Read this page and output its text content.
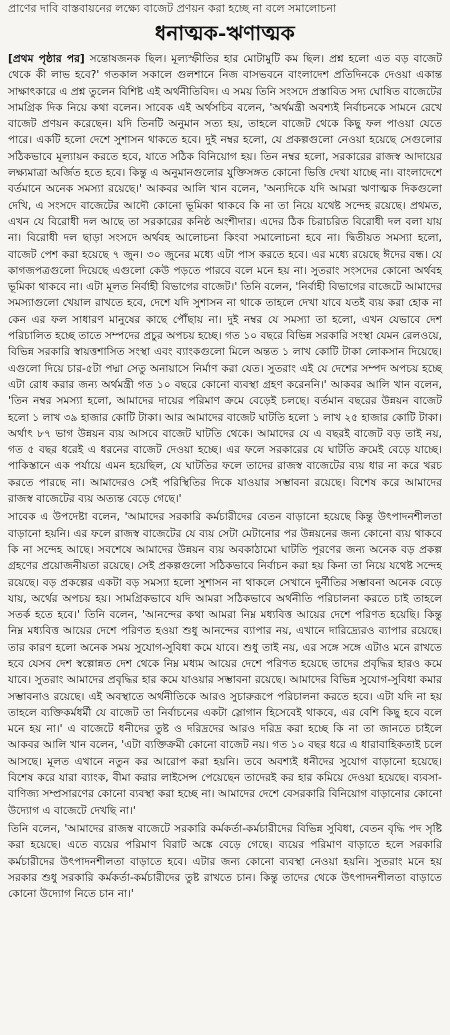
প্রাণের দাবি বাস্তবায়নের লক্ষ্যে বাজেট প্রণয়ন করা হচ্ছে না বলে সমালোচনা
ধনাত্মক-ঋণাত্মক

[প্রথম পৃষ্ঠার পর] সন্তোষজনক ছিল। মূল্যস্ফীতির হার মোটামুটি কম ছিল। প্রশ্ন হলো এত বড় বাজেট থেকে কী লাভ হবে?' গতকাল সকালে গুলশানে নিজ বাসভবনে বাংলাদেশ প্রতিদিনকে দেওয়া একান্ত সাক্ষাৎকারে এ প্রশ্ন তুলেন বিশিষ্ট এই অর্থনীতিবিদ। এ সময় তিনি সংসদে প্রস্তাবিত সদ্য ঘোষিত বাজেটের সামগ্রিক দিক নিয়ে কথা বলেন। সাবেক এই অর্থসচিব বলেন, 'অর্থমন্ত্রী অবশ্যই নির্বাচনকে সামনে রেখে বাজেট প্রণয়ন করেছেন। যদি তিনটি অনুমান সত্য হয়, তাহলে বাজেট থেকে কিছু ফল পাওয়া যেতে পারে। একটি হলো দেশে সুশাসন থাকতে হবে। দুই নম্বর হলো, যে প্রকল্পগুলো নেওয়া হয়েছে সেগুলোর সঠিকভাবে মূল্যায়ন করতে হবে, যাতে সঠিক বিনিয়োগ হয়। তিন নম্বর হলো, সরকারের রাজস্ব আদায়ের লক্ষ্যমাত্রা অর্জিত হতে হবে। কিন্তু এ অনুমানগুলোর যুক্তিসঙ্গত কোনো ভিত্তি দেখা যাচ্ছে না। বাংলাদেশে বর্তমানে অনেক সমস্যা রয়েছে।' আকবর আলি খান বলেন, 'অন্যদিকে যদি আমরা ঋণাত্মক দিকগুলো দেখি, এ সংসদে বাজেটের আদৌ কোনো ভূমিকা থাকবে কি না তা নিয়ে যথেষ্ট সন্দেহ রয়েছে। প্রথমত, এখন যে বিরোধী দল আছে তা সরকারের কনিষ্ঠ অংশীদার। এদের ঠিক চিরাচরিত বিরোধী দল বলা যায় না। বিরোধী দল ছাড়া সংসদে অর্থবহ আলোচনা কিংবা সমালোচনা হবে না। দ্বিতীয়ত সমস্যা হলো, বাজেট পেশ করা হয়েছে ৭ জুন। ৩০ জুনের মধ্যে এটা পাস করতে হবে। এর মধ্যে রয়েছে ঈদের বন্ধ। যে কাগজপত্রগুলো দিয়েছে এগুলো কেউ পড়তে পারবে বলে মনে হয় না। সুতরাং সংসদের কোনো অর্থবহ ভূমিকা থাকবে না। এটা মূলত নির্বাহী বিভাগের বাজেট।' তিনি বলেন, 'নির্বাহী বিভাগের বাজেটে আমাদের সমস্যাগুলো খেয়াল রাখতে হবে, দেশে যদি সুশাসন না থাকে তাহলে দেখা যাবে যতই ব্যয় করা হোক না কেন এর ফল সাধারণ মানুষের কাছে পৌঁছায় না। দুই নম্বর যে সমস্যা তা হলো, এখন যেভাবে দেশ পরিচালিত হচ্ছে তাতে সম্পদের প্রচুর অপচয় হচ্ছে। গত ১০ বছরে বিভিন্ন সরকারি সংস্থা যেমন রেলওয়ে, বিভিন্ন সরকারি স্বায়ত্তশাসিত সংস্থা এবং ব্যাংকগুলো মিলে অন্তত ১ লাখ কোটি টাকা লোকসান দিয়েছে। এগুলো দিয়ে চার-৫টা পদ্মা সেতু অনায়াসে নির্মাণ করা যেত। সুতরাং এই যে দেশের সম্পদ অপচয় হচ্ছে এটা রোধ করার জন্য অর্থমন্ত্রী গত ১০ বছরে কোনো ব্যবস্থা গ্রহণ করেননি।' আকবর আলি খান বলেন, 'তিন নম্বর সমস্যা হলো, আমাদের দায়ের পরিমাণ ক্রমে বেড়েই চলছে। বর্তমান বছরের উন্নয়ন বাজেট হলো ১ লাখ ৩৯ হাজার কোটি টাকা। আর আমাদের বাজেট ঘাটতি হলো ১ লাখ ২৫ হাজার কোটি টাকা। অর্থাৎ ৮৭ ভাগ উন্নয়ন ব্যয় আসবে বাজেট ঘাটতি থেকে। আমাদের যে এ বছরই বাজেট বড় তাই নয়, গত ৫ বছর ধরেই এ ধরনের বাজেট দেওয়া হচ্ছে। এর ফলে সরকারের যে ঘাটতি ক্রমেই বেড়ে যাচ্ছে। পাকিস্তানে এক পর্যায়ে এমন হয়েছিল, যে ঘাটতির ফলে তাদের রাজস্ব বাজেটের ব্যয় ধার না করে খরচ করতে পারছে না। আমাদেরও সেই পরিস্থিতির দিকে যাওয়ার সম্ভাবনা রয়েছে। বিশেষ করে আমাদের রাজস্ব বাজেটের ব্যয় অত্যন্ত বেড়ে গেছে।'

সাবেক এ উপদেষ্টা বলেন, 'আমাদের সরকারি কর্মচারীদের বেতন বাড়ানো হয়েছে কিন্তু উৎপাদনশীলতা বাড়ানো হয়নি। এর ফলে রাজস্ব বাজেটের যে ব্যয় সেটা মেটানোর পর উন্নয়নের জন্য কোনো ব্যয় থাকবে কি না সন্দেহ আছে। সবশেষে আমাদের উন্নয়ন ব্যয় অবকাঠামো ঘাটতি পূরণের জন্য অনেক বড় প্রকল্প গ্রহণের প্রয়োজনীয়তা রয়েছে। সেই প্রকল্পগুলো সঠিকভাবে নির্বাচন করা হয় কিনা তা নিয়ে যথেষ্ট সন্দেহ রয়েছে। বড় প্রকল্পের একটা বড় সমস্যা হলো সুশাসন না থাকলে সেখানে দুর্নীতির সম্ভাবনা অনেক বেড়ে যায়, অর্থের অপচয় হয়। সামগ্রিকভাবে যদি আমরা সঠিকভাবে অর্থনীতি পরিচালনা করতে চাই তাহলে সতর্ক হতে হবে।' তিনি বলেন, 'আনন্দের কথা আমরা নিম্ন মধ্যবিত্ত আয়ের দেশে পরিণত হয়েছি। কিন্তু নিম্ন মধ্যবিত্ত আয়ের দেশে পরিণত হওয়া শুধু আনন্দের ব্যাপার নয়, এখানে দারিদ্র্যেরও ব্যাপার রয়েছে। তার কারণ হলো অনেক সময় সুযোগ-সুবিধা কমে যাবে। শুধু তাই নয়, এর সঙ্গে সঙ্গে এটাও মনে রাখতে হবে যেসব দেশ স্বল্পোন্নত দেশ থেকে নিম্ন মধ্যম আয়ের দেশে পরিণত হয়েছে তাদের প্রবৃদ্ধির হারও কমে যাবে। সুতরাং আমাদের প্রবৃদ্ধির হার কমে যাওয়ার সম্ভাবনা রয়েছে। আমাদের বিভিন্ন সুযোগ-সুবিধা কমার সম্ভাবনাও রয়েছে। এই অবস্থাতে অর্থনীতিকে আরও সুচারুরূপে পরিচালনা করতে হবে। এটা যদি না হয় তাহলে ব্যক্তিকর্মধর্মী যে বাজেট তা নির্বাচনের একটা স্লোগান হিসেবেই থাকবে, এর বেশি কিছু হবে বলে মনে হয় না।' এ বাজেটে ধনীদের তুষ্ট ও দরিদ্রদের আরও দরিদ্র করা হচ্ছে কি না তা জানতে চাইলে আকবর আলি খান বলেন, 'এটা ব্যক্তিক্রমী কোনো বাজেট নয়। গত ১০ বছর ধরে এ ধারাবাহিকতাই চলে আসছে। মূলত এখানে নতুন কর আরোপ করা হয়নি। তবে অবশ্যই ধনীদের সুযোগ বাড়ানো হয়েছে। বিশেষ করে যারা ব্যাংক, বীমা করার লাইসেন্স পেয়েছেন তাদেরই কর হার কমিয়ে দেওয়া হয়েছে। ব্যবসা-বাণিজ্য সম্প্রসারণের কোনো ব্যবস্থা করা হচ্ছে না। আমাদের দেশে বেসরকারি বিনিয়োগ বাড়ানোর কোনো উদ্যোগ এ বাজেটে দেখছি না।'

তিনি বলেন, 'আমাদের রাজস্ব বাজেটে সরকারি কর্মকর্তা-কর্মচারীদের বিভিন্ন সুবিধা, বেতন বৃদ্ধি পদ সৃষ্টি করা হয়েছে। এতে ব্যয়ের পরিমাণ বিরাট অঙ্কে বেড়ে গেছে। ব্যয়ের পরিমাণ বাড়াতে হলে সরকারি কর্মচারীদের উৎপাদনশীলতা বাড়াতে হবে। এটার জন্য কোনো ব্যবস্থা নেওয়া হয়নি। সুতরাং মনে হয় সরকার শুধু সরকারি কর্মকর্তা-কর্মচারীদের তুষ্ট রাখতে চান। কিন্তু তাদের থেকে উৎপাদনশীলতা বাড়াতে কোনো উদ্যোগ নিতে চান না।'
